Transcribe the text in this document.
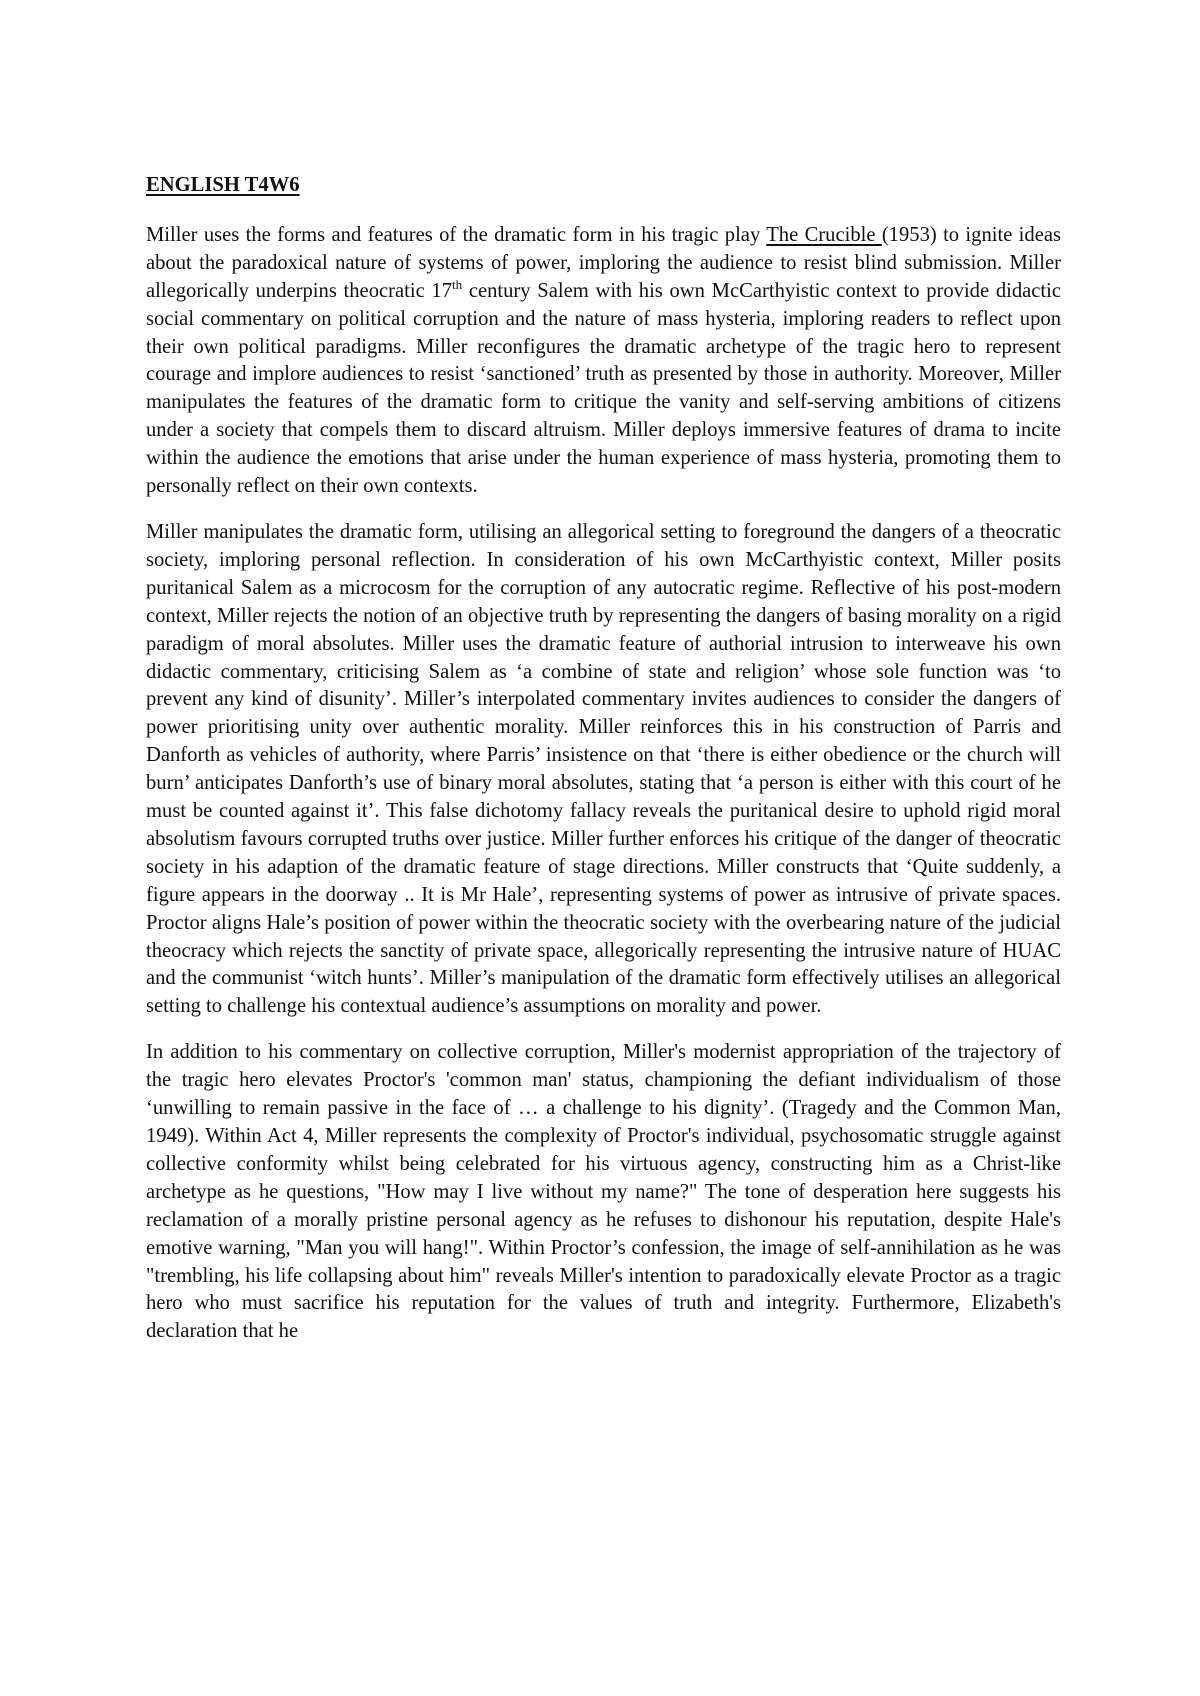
ENGLISH T4W6

Miller uses the forms and features of the dramatic form in his tragic play The Crucible (1953) to ignite ideas about the paradoxical nature of systems of power, imploring the audience to resist blind submission. Miller allegorically underpins theocratic 17th century Salem with his own McCarthyistic context to provide didactic social commentary on political corruption and the nature of mass hysteria, imploring readers to reflect upon their own political paradigms. Miller reconfigures the dramatic archetype of the tragic hero to represent courage and implore audiences to resist ‘sanctioned’ truth as presented by those in authority. Moreover, Miller manipulates the features of the dramatic form to critique the vanity and self-serving ambitions of citizens under a society that compels them to discard altruism. Miller deploys immersive features of drama to incite within the audience the emotions that arise under the human experience of mass hysteria, promoting them to personally reflect on their own contexts.

Miller manipulates the dramatic form, utilising an allegorical setting to foreground the dangers of a theocratic society, imploring personal reflection. In consideration of his own McCarthyistic context, Miller posits puritanical Salem as a microcosm for the corruption of any autocratic regime. Reflective of his post-modern context, Miller rejects the notion of an objective truth by representing the dangers of basing morality on a rigid paradigm of moral absolutes. Miller uses the dramatic feature of authorial intrusion to interweave his own didactic commentary, criticising Salem as ‘a combine of state and religion’ whose sole function was ‘to prevent any kind of disunity’. Miller’s interpolated commentary invites audiences to consider the dangers of power prioritising unity over authentic morality. Miller reinforces this in his construction of Parris and Danforth as vehicles of authority, where Parris’ insistence on that ‘there is either obedience or the church will burn’ anticipates Danforth’s use of binary moral absolutes, stating that ‘a person is either with this court of he must be counted against it’. This false dichotomy fallacy reveals the puritanical desire to uphold rigid moral absolutism favours corrupted truths over justice. Miller further enforces his critique of the danger of theocratic society in his adaption of the dramatic feature of stage directions. Miller constructs that ‘Quite suddenly, a figure appears in the doorway .. It is Mr Hale’, representing systems of power as intrusive of private spaces. Proctor aligns Hale’s position of power within the theocratic society with the overbearing nature of the judicial theocracy which rejects the sanctity of private space, allegorically representing the intrusive nature of HUAC and the communist ‘witch hunts’. Miller’s manipulation of the dramatic form effectively utilises an allegorical setting to challenge his contextual audience’s assumptions on morality and power.

In addition to his commentary on collective corruption, Miller's modernist appropriation of the trajectory of the tragic hero elevates Proctor's 'common man' status, championing the defiant individualism of those ‘unwilling to remain passive in the face of … a challenge to his dignity’. (Tragedy and the Common Man, 1949). Within Act 4, Miller represents the complexity of Proctor's individual, psychosomatic struggle against collective conformity whilst being celebrated for his virtuous agency, constructing him as a Christ-like archetype as he questions, "How may I live without my name?" The tone of desperation here suggests his reclamation of a morally pristine personal agency as he refuses to dishonour his reputation, despite Hale's emotive warning, "Man you will hang!". Within Proctor’s confession, the image of self-annihilation as he was "trembling, his life collapsing about him" reveals Miller's intention to paradoxically elevate Proctor as a tragic hero who must sacrifice his reputation for the values of truth and integrity. Furthermore, Elizabeth's declaration that he
